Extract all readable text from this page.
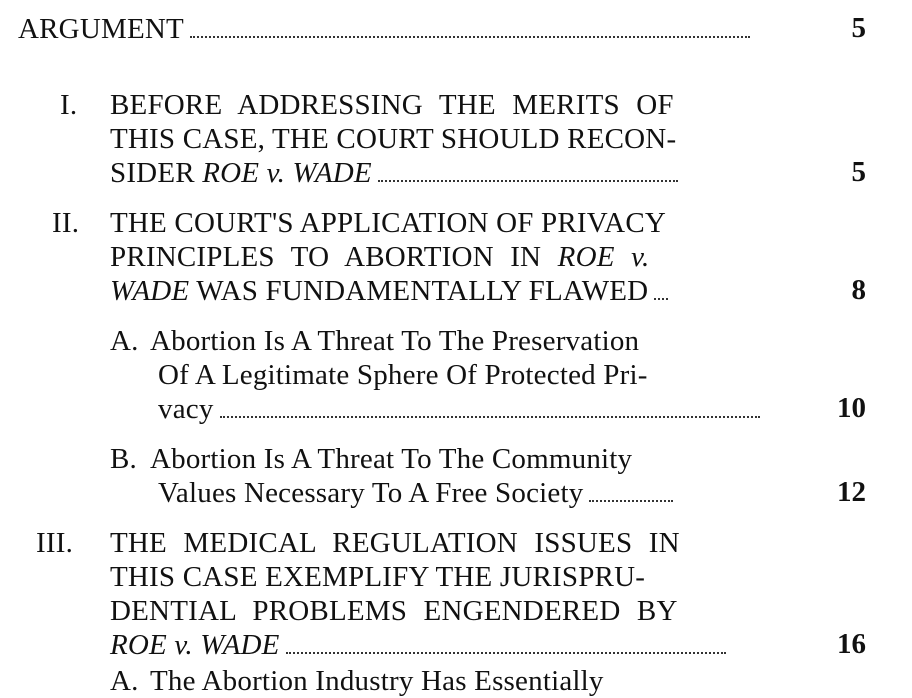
ARGUMENT	5
I. BEFORE ADDRESSING THE MERITS OF
THIS CASE, THE COURT SHOULD RECON-
SIDER ROE v. WADE	5
II. THE COURT'S APPLICATION OF PRIVACY
PRINCIPLES TO ABORTION IN ROE v.
WADE WAS FUNDAMENTALLY FLAWED	8
A. Abortion Is A Threat To The Preservation
Of A Legitimate Sphere Of Protected Pri-
vacy	10
B. Abortion Is A Threat To The Community
Values Necessary To A Free Society	12
III. THE MEDICAL REGULATION ISSUES IN
THIS CASE EXEMPLIFY THE JURISPRU-
DENTIAL PROBLEMS ENGENDERED BY
ROE v. WADE	16
A. The Abortion Industry Has Essentially
